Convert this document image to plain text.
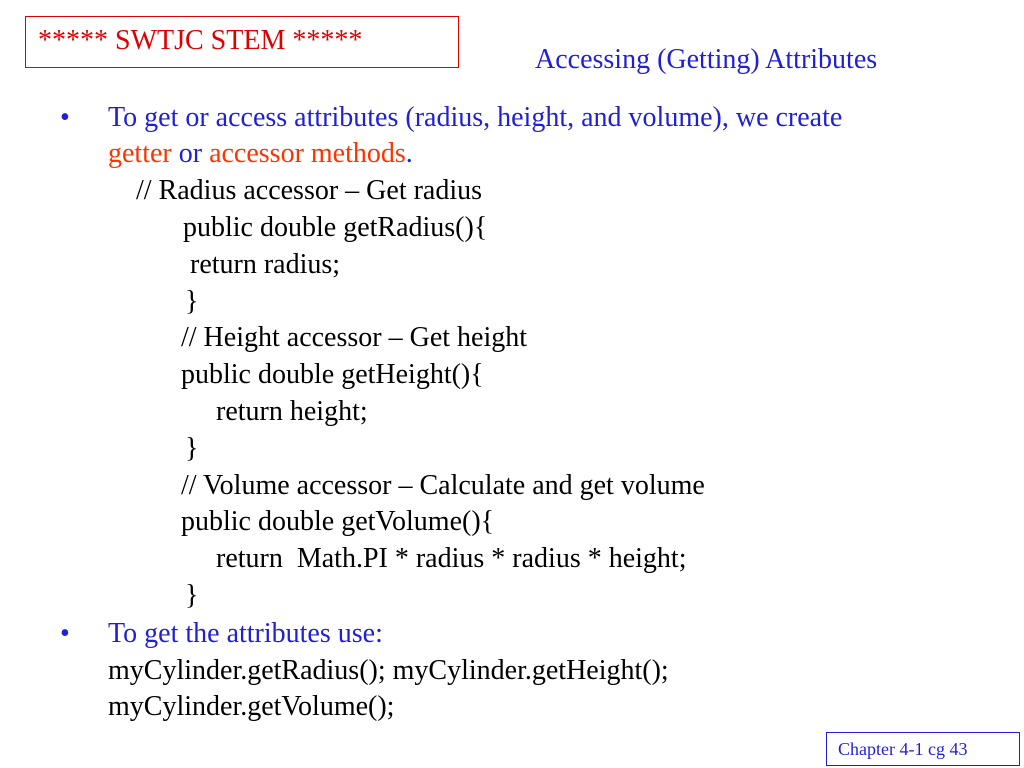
***** SWTJC STEM *****
Accessing (Getting) Attributes
• To get or access attributes (radius, height, and volume), we create
getter or accessor methods.
// Radius accessor – Get radius
public double getRadius(){
return radius;
}
// Height accessor – Get height
public double getHeight(){
return height;
}
// Volume accessor – Calculate and get volume
public double getVolume(){
return  Math.PI * radius * radius * height;
}
• To get the attributes use:
myCylinder.getRadius(); myCylinder.getHeight();
myCylinder.getVolume();
Chapter 4-1 cg 43
